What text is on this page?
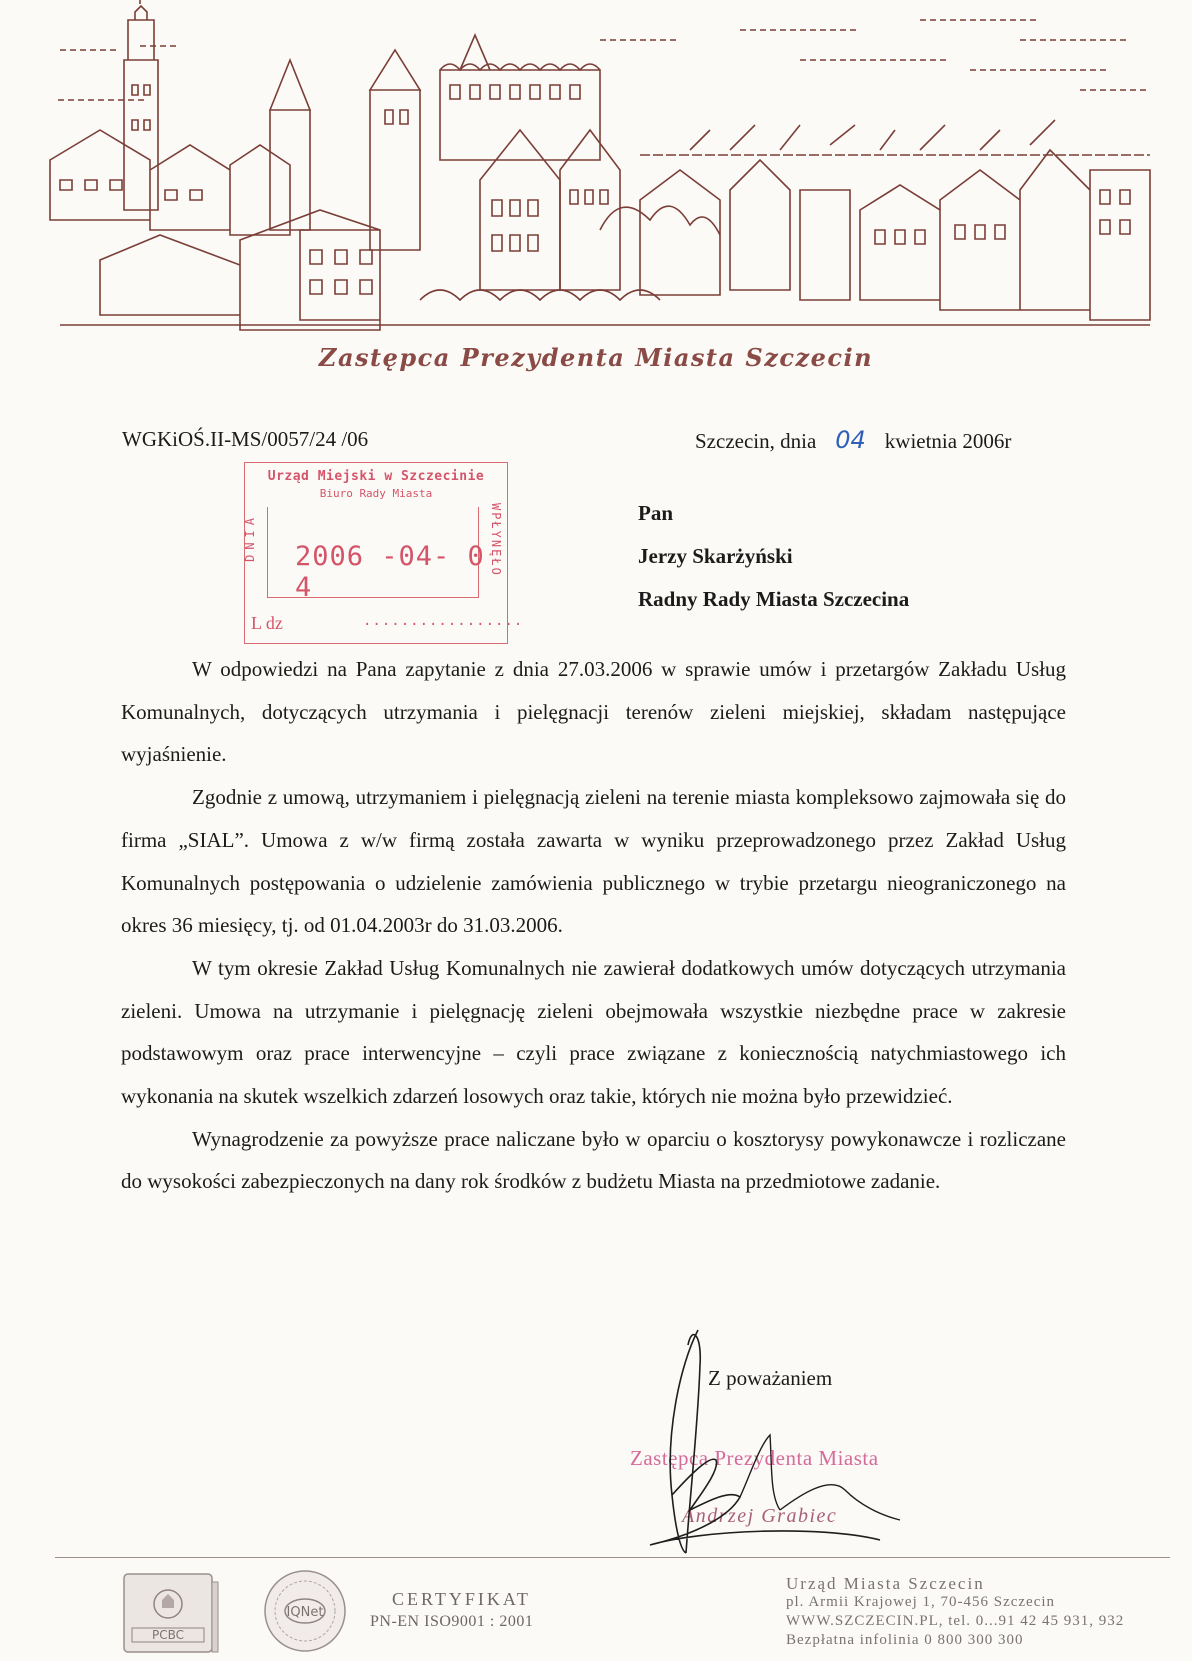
Zastępca Prezydenta Miasta Szczecin
WGKiOŚ.II-MS/0057/24 /06	Szczecin, dnia 04 kwietnia 2006r
Urząd Miejski w Szczecinie
Biuro Rady Miasta
DNIA	WPŁYNĘŁO
2006 -04- 0 4
L dz	.................
Pan
Jerzy Skarżyński
Radny Rady Miasta Szczecina

W odpowiedzi na Pana zapytanie z dnia 27.03.2006 w sprawie umów i przetargów Zakładu Usług Komunalnych, dotyczących utrzymania i pielęgnacji terenów zieleni miejskiej, składam następujące wyjaśnienie.

Zgodnie z umową, utrzymaniem i pielęgnacją zieleni na terenie miasta kompleksowo zajmowała się do firma „SIAL”. Umowa z w/w firmą została zawarta w wyniku przeprowadzonego przez Zakład Usług Komunalnych postępowania o udzielenie zamówienia publicznego w trybie przetargu nieograniczonego na okres 36 miesięcy, tj. od 01.04.2003r do 31.03.2006.

W tym okresie Zakład Usług Komunalnych nie zawierał dodatkowych umów dotyczących utrzymania zieleni. Umowa na utrzymanie i pielęgnację zieleni obejmowała wszystkie niezbędne prace w zakresie podstawowym oraz prace interwencyjne – czyli prace związane z koniecznością natychmiastowego ich wykonania na skutek wszelkich zdarzeń losowych oraz takie, których nie można było przewidzieć.

Wynagrodzenie za powyższe prace naliczane było w oparciu o kosztorysy powykonawcze i rozliczane do wysokości zabezpieczonych na dany rok środków z budżetu Miasta na przedmiotowe zadanie.

Z poważaniem
Zastępca Prezydenta Miasta
Andrzej Grabiec
PCBC
IQNet
CERTYFIKAT
PN-EN ISO9001 : 2001
Urząd Miasta Szczecin
pl. Armii Krajowej 1, 70-456 Szczecin
WWW.SZCZECIN.PL, tel. 0...91 42 45 931, 932
Bezpłatna infolinia 0 800 300 300
